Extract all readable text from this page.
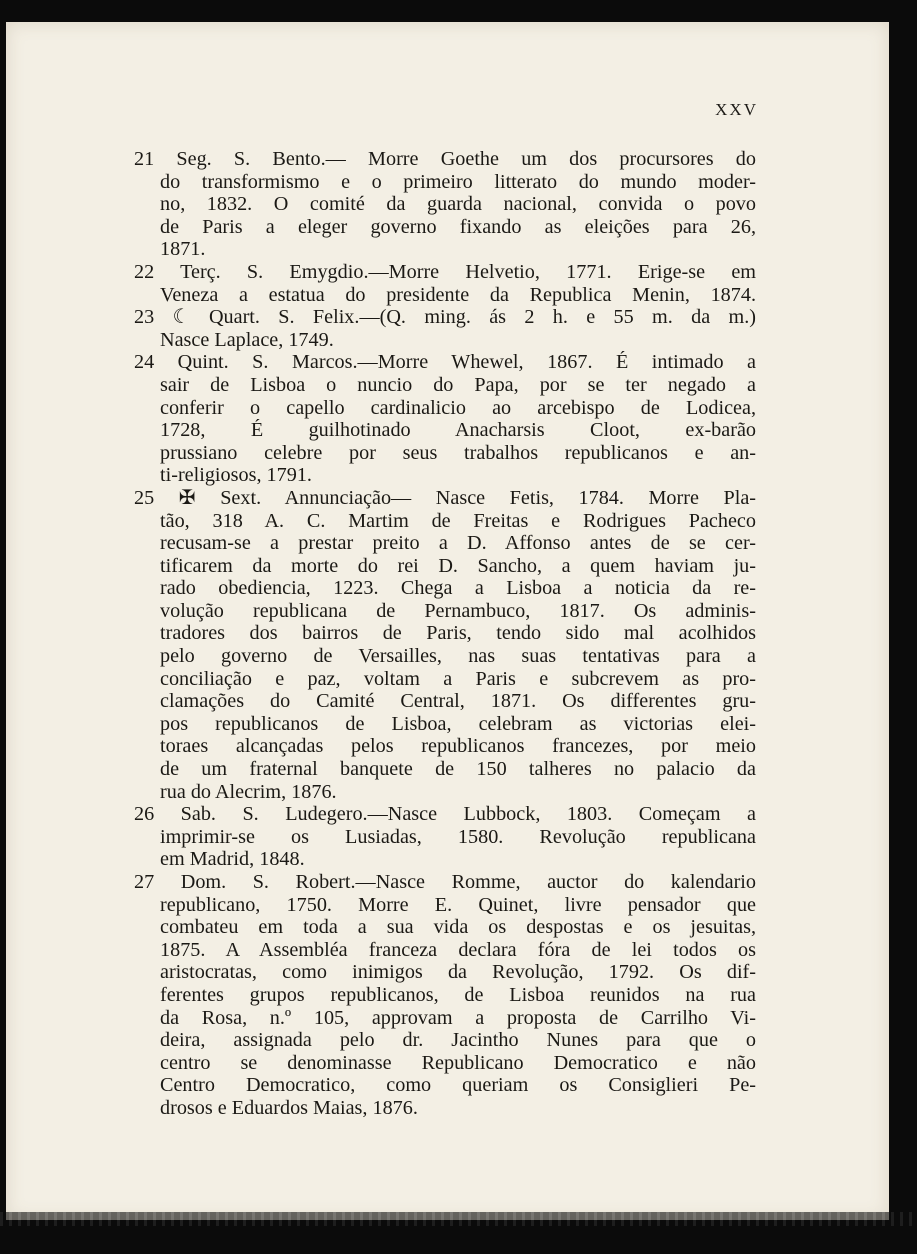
XXV
21 Seg. S. Bento.— Morre Goethe um dos procursores do
do transformismo e o primeiro litterato do mundo moder-
no, 1832. O comité da guarda nacional, convida o povo
de Paris a eleger governo fixando as eleições para 26,
1871.
22 Terç. S. Emygdio.—Morre Helvetio, 1771. Erige-se em
Veneza a estatua do presidente da Republica Menin, 1874.
23 ☾ Quart. S. Felix.—(Q. ming. ás 2 h. e 55 m. da m.)
Nasce Laplace, 1749.
24 Quint. S. Marcos.—Morre Whewel, 1867. É intimado a
sair de Lisboa o nuncio do Papa, por se ter negado a
conferir o capello cardinalicio ao arcebispo de Lodicea,
1728, É guilhotinado Anacharsis Cloot, ex-barão
prussiano celebre por seus trabalhos republicanos e an-
ti-religiosos, 1791.
25 ✠ Sext. Annunciação— Nasce Fetis, 1784. Morre Pla-
tão, 318 A. C. Martim de Freitas e Rodrigues Pacheco
recusam-se a prestar preito a D. Affonso antes de se cer-
tificarem da morte do rei D. Sancho, a quem haviam ju-
rado obediencia, 1223. Chega a Lisboa a noticia da re-
volução republicana de Pernambuco, 1817. Os adminis-
tradores dos bairros de Paris, tendo sido mal acolhidos
pelo governo de Versailles, nas suas tentativas para a
conciliação e paz, voltam a Paris e subcrevem as pro-
clamações do Camité Central, 1871. Os differentes gru-
pos republicanos de Lisboa, celebram as victorias elei-
toraes alcançadas pelos republicanos francezes, por meio
de um fraternal banquete de 150 talheres no palacio da
rua do Alecrim, 1876.
26 Sab. S. Ludegero.—Nasce Lubbock, 1803. Começam a
imprimir-se os Lusiadas, 1580. Revolução republicana
em Madrid, 1848.
27 Dom. S. Robert.—Nasce Romme, auctor do kalendario
republicano, 1750. Morre E. Quinet, livre pensador que
combateu em toda a sua vida os despostas e os jesuitas,
1875. A Assembléa franceza declara fóra de lei todos os
aristocratas, como inimigos da Revolução, 1792. Os dif-
ferentes grupos republicanos, de Lisboa reunidos na rua
da Rosa, n.º 105, approvam a proposta de Carrilho Vi-
deira, assignada pelo dr. Jacintho Nunes para que o
centro se denominasse Republicano Democratico e não
Centro Democratico, como queriam os Consiglieri Pe-
drosos e Eduardos Maias, 1876.
